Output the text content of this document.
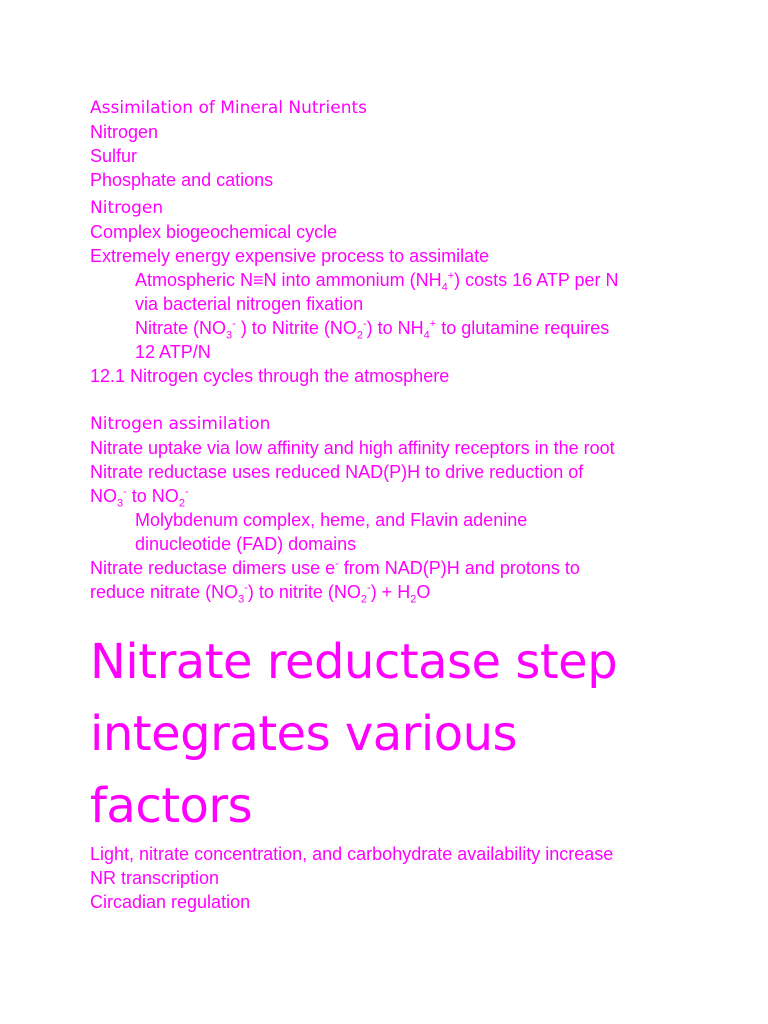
Assimilation of Mineral Nutrients
Nitrogen
Sulfur
Phosphate and cations
Nitrogen
Complex biogeochemical cycle
Extremely energy expensive process to assimilate
Atmospheric N≡N into ammonium $(NH_4^+)$ costs 16 ATP per N
via bacterial nitrogen fixation
Nitrate ($NO_3^-$ ) to Nitrite $(NO_2^-)$ to $NH_4^+$ to glutamine requires
12 ATP/N
12.1 Nitrogen cycles through the atmosphere
Nitrogen assimilation
Nitrate uptake via low affinity and high affinity receptors in the root
Nitrate reductase uses reduced NAD(P)H to drive reduction of
$NO_3^-$ to $NO_2^-$
Molybdenum complex, heme, and Flavin adenine
dinucleotide (FAD) domains
Nitrate reductase dimers use e- from NAD(P)H and protons to
reduce nitrate $(NO_3^-)$ to nitrite $(NO_2^-) + H_2O$
Nitrate reductase step
integrates various
factors
Light, nitrate concentration, and carbohydrate availability increase
NR transcription
Circadian regulation
